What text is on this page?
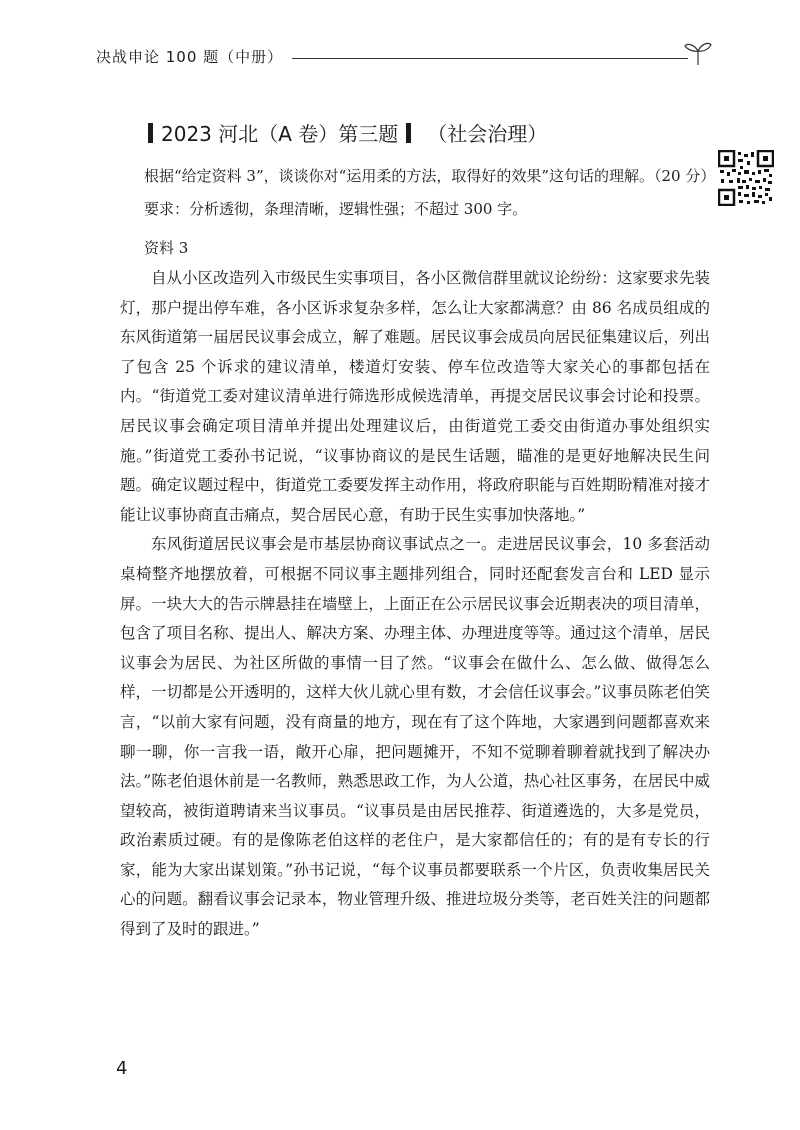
决战申论 100 题（中册）
2023 河北（A 卷）第三题 （社会治理）

根据“给定资料 3”，谈谈你对“运用柔的方法，取得好的效果”这句话的理解。（20 分）

要求：分析透彻，条理清晰，逻辑性强；不超过 300 字。

资料 3

自从小区改造列入市级民生实事项目，各小区微信群里就议论纷纷：这家要求先装灯，那户提出停车难，各小区诉求复杂多样，怎么让大家都满意？由 86 名成员组成的东风街道第一届居民议事会成立，解了难题。居民议事会成员向居民征集建议后，列出了包含 25 个诉求的建议清单，楼道灯安装、停车位改造等大家关心的事都包括在内。“街道党工委对建议清单进行筛选形成候选清单，再提交居民议事会讨论和投票。居民议事会确定项目清单并提出处理建议后，由街道党工委交由街道办事处组织实施。”街道党工委孙书记说，“议事协商议的是民生话题，瞄准的是更好地解决民生问题。确定议题过程中，街道党工委要发挥主动作用，将政府职能与百姓期盼精准对接才能让议事协商直击痛点，契合居民心意，有助于民生实事加快落地。”

东风街道居民议事会是市基层协商议事试点之一。走进居民议事会，10 多套活动桌椅整齐地摆放着，可根据不同议事主题排列组合，同时还配套发言台和 LED 显示屏。一块大大的告示牌悬挂在墙壁上，上面正在公示居民议事会近期表决的项目清单，包含了项目名称、提出人、解决方案、办理主体、办理进度等等。通过这个清单，居民议事会为居民、为社区所做的事情一目了然。“议事会在做什么、怎么做、做得怎么样，一切都是公开透明的，这样大伙儿就心里有数，才会信任议事会。”议事员陈老伯笑言，“以前大家有问题，没有商量的地方，现在有了这个阵地，大家遇到问题都喜欢来聊一聊，你一言我一语，敞开心扉，把问题摊开，不知不觉聊着聊着就找到了解决办法。”陈老伯退休前是一名教师，熟悉思政工作，为人公道，热心社区事务，在居民中威望较高，被街道聘请来当议事员。“议事员是由居民推荐、街道遴选的，大多是党员，政治素质过硬。有的是像陈老伯这样的老住户，是大家都信任的；有的是有专长的行家，能为大家出谋划策。”孙书记说，“每个议事员都要联系一个片区，负责收集居民关心的问题。翻看议事会记录本，物业管理升级、推进垃圾分类等，老百姓关注的问题都得到了及时的跟进。”

4
